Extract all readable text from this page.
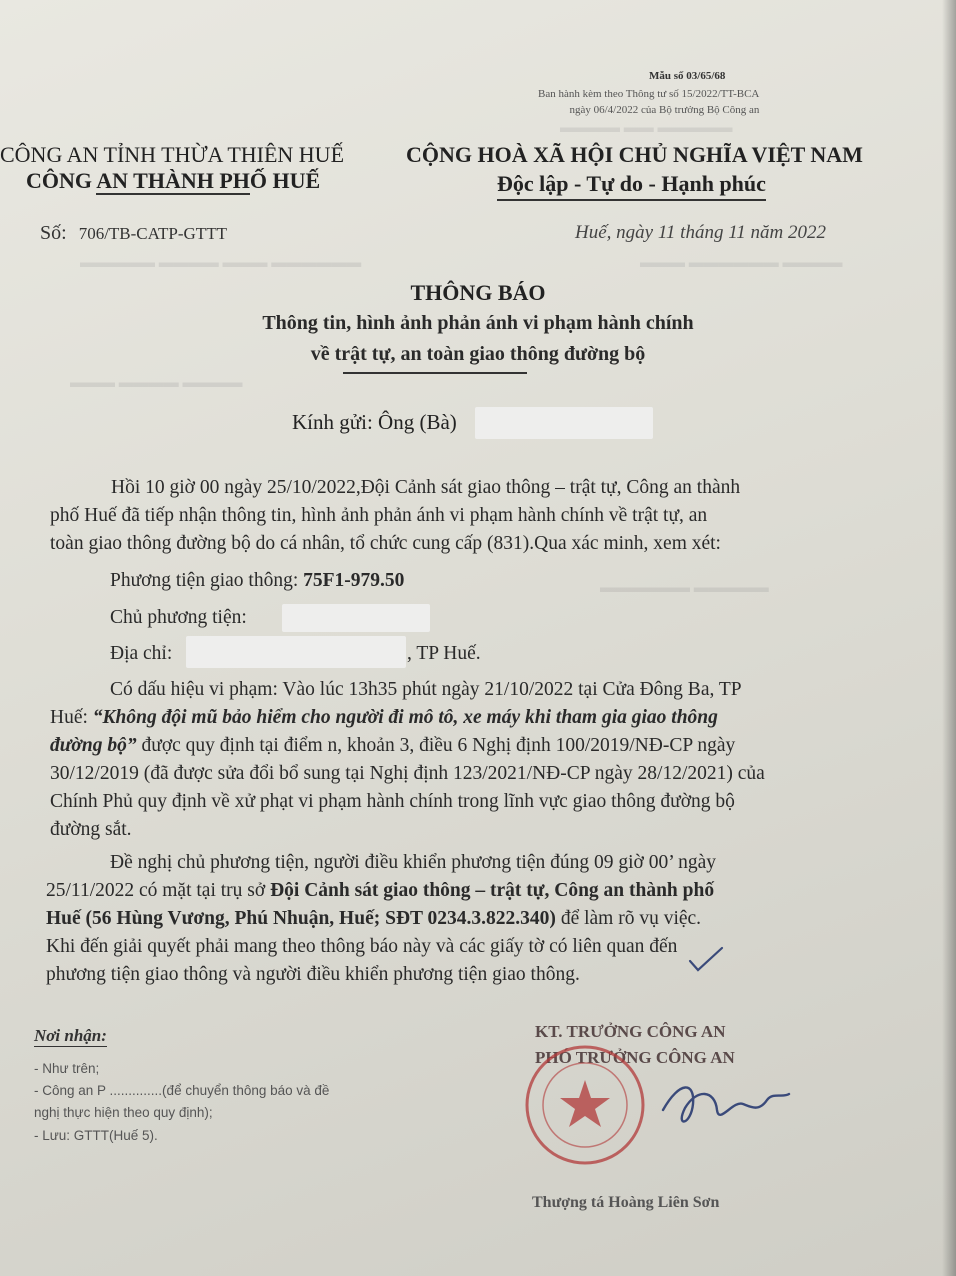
▬▬▬▬ ▬▬ ▬▬▬▬▬
▬▬▬▬▬ ▬▬▬▬ ▬▬▬ ▬▬▬▬▬▬	▬▬▬ ▬▬▬▬▬▬ ▬▬▬▬
▬▬▬ ▬▬▬▬ ▬▬▬▬
▬▬▬▬▬▬ ▬▬▬▬▬
Mẫu số 03/65/68
Ban hành kèm theo Thông tư số 15/2022/TT-BCA
ngày 06/4/2022 của Bộ trưởng Bộ Công an
CÔNG AN TỈNH THỪA THIÊN HUẾ
CÔNG AN THÀNH PHỐ HUẾ
CỘNG HOÀ XÃ HỘI CHỦ NGHĨA VIỆT NAM
Độc lập - Tự do - Hạnh phúc
Số: 706/TB-CATP-GTTT	Huế, ngày 11 tháng 11 năm 2022
THÔNG BÁO
Thông tin, hình ảnh phản ánh vi phạm hành chính
về trật tự, an toàn giao thông đường bộ
Kính gửi: Ông (Bà)
Hồi 10 giờ 00 ngày 25/10/2022,Đội Cảnh sát giao thông – trật tự, Công an thành
phố Huế đã tiếp nhận thông tin, hình ảnh phản ánh vi phạm hành chính về trật tự, an
toàn giao thông đường bộ do cá nhân, tổ chức cung cấp (831).Qua xác minh, xem xét:
Phương tiện giao thông: 75F1-979.50
Chủ phương tiện:
Địa chỉ:	, TP Huế.
Có dấu hiệu vi phạm: Vào lúc 13h35 phút ngày 21/10/2022 tại Cửa Đông Ba, TP
Huế: “Không đội mũ bảo hiểm cho người đi mô tô, xe máy khi tham gia giao thông
đường bộ” được quy định tại điểm n, khoản 3, điều 6 Nghị định 100/2019/NĐ-CP ngày
30/12/2019 (đã được sửa đổi bổ sung tại Nghị định 123/2021/NĐ-CP ngày 28/12/2021) của
Chính Phủ quy định về xử phạt vi phạm hành chính trong lĩnh vực giao thông đường bộ
đường sắt.
Đề nghị chủ phương tiện, người điều khiển phương tiện đúng 09 giờ 00’ ngày
25/11/2022 có mặt tại trụ sở Đội Cảnh sát giao thông – trật tự, Công an thành phố
Huế (56 Hùng Vương, Phú Nhuận, Huế; SĐT 0234.3.822.340) để làm rõ vụ việc.
Khi đến giải quyết phải mang theo thông báo này và các giấy tờ có liên quan đến
phương tiện giao thông và người điều khiển phương tiện giao thông.
Nơi nhận:
- Như trên;
- Công an P ..............(để chuyển thông báo và đề
nghị thực hiện theo quy định);
- Lưu: GTTT(Huế 5).
KT. TRƯỞNG CÔNG AN
PHÓ TRƯỞNG CÔNG AN
Thượng tá Hoàng Liên Sơn
